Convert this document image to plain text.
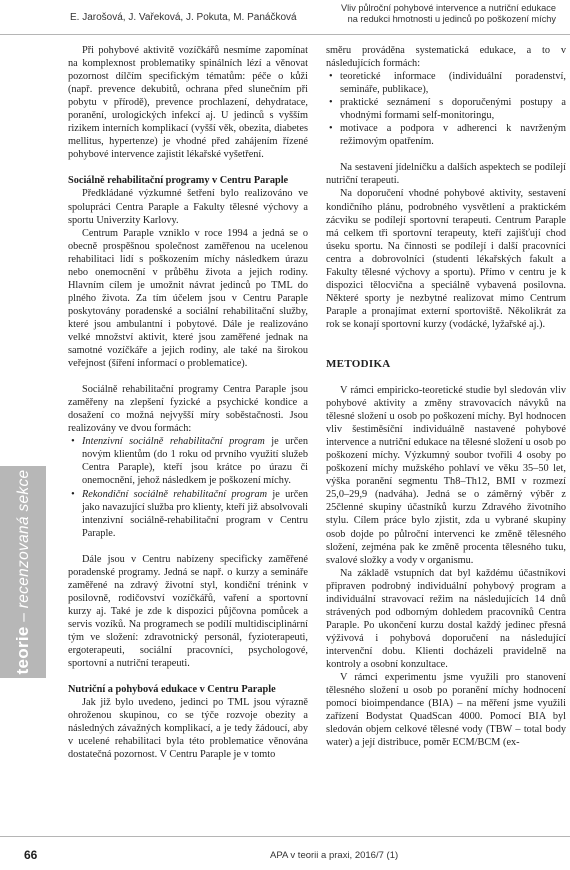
E. Jarošová, J. Vařeková, J. Pokuta, M. Panáčková
Vliv půlroční pohybové intervence a nutriční edukace
na redukci hmotnosti u jedinců po poškození míchy
teorie – recenzovaná sekce

Při pohybové aktivitě vozíčkářů nesmíme zapomínat na komplexnost problematiky spinálních lézí a věnovat pozornost dílčím specifickým tématům: péče o kůži (např. prevence dekubitů, ochrana před slunečním při pobytu v přírodě), prevence prochlazení, dehydratace, poranění, urologických infekcí aj. U jedinců s vyšším rizikem interních komplikací (vyšší věk, obezita, diabetes mellitus, hypertenze) je vhodné před zahájením řízené pohybové intervence zajistit lékařské vyšetření.

Sociálně rehabilitační programy v Centru Paraple

Předkládané výzkumné šetření bylo realizováno ve spolupráci Centra Paraple a Fakulty tělesné výchovy a sportu Univerzity Karlovy.

Centrum Paraple vzniklo v roce 1994 a jedná se o obecně prospěšnou společnost zaměřenou na ucelenou rehabilitaci lidí s poškozením míchy následkem úrazu nebo onemocnění v průběhu života a jejich rodiny. Hlavním cílem je umožnit návrat jedinců po TML do plného života. Za tím účelem jsou v Centru Paraple poskytovány poradenské a sociální rehabilitační služby, které jsou ambulantní i pobytové. Dále je realizováno velké množství aktivit, které jsou zaměřené jednak na samotné vozíčkáře a jejich rodiny, ale také na širokou veřejnost (šíření informací o problematice).

Sociálně rehabilitační programy Centra Paraple jsou zaměřeny na zlepšení fyzické a psychické kondice a dosažení co možná nejvyšší míry soběstačnosti. Jsou realizovány ve dvou formách:

• Intenzivní sociálně rehabilitační program je určen novým klientům (do 1 roku od prvního využití služeb Centra Paraple), kteří jsou krátce po úrazu či onemocnění, jehož následkem je poškození míchy.
• Rekondiční sociálně rehabilitační program je určen jako navazující služba pro klienty, kteří již absolvovali intenzivní sociálně-rehabilitační program v Centru Paraple.

Dále jsou v Centru nabízeny specificky zaměřené poradenské programy. Jedná se např. o kurzy a semináře zaměřené na zdravý životní styl, kondiční trénink v posilovně, rodičovství vozíčkářů, vaření a sportovní kurzy aj. Také je zde k dispozici půjčovna pomůcek a servis vozíků. Na programech se podílí multidisciplinární tým ve složení: zdravotnický personál, fyzioterapeuti, ergoterapeuti, sociální pracovníci, psychologové, sportovní a nutriční terapeuti.

Nutriční a pohybová edukace v Centru Paraple

Jak již bylo uvedeno, jedinci po TML jsou výrazně ohroženou skupinou, co se týče rozvoje obezity a následných závažných komplikací, a je tedy žádoucí, aby v ucelené rehabilitaci byla této problematice věnována dostatečná pozornost. V Centru Paraple je v tomto

směru prováděna systematická edukace, a to v následujících formách:

• teoretické informace (individuální poradenství, semináře, publikace),
• praktické seznámení s doporučenými postupy a vhodnými formami self-monitoringu,
• motivace a podpora v adherenci k navrženým režimovým opatřením.

Na sestavení jídelníčku a dalších aspektech se podílejí nutriční terapeuti.

Na doporučení vhodné pohybové aktivity, sestavení kondičního plánu, podrobného vysvětlení a praktickém zácviku se podílejí sportovní terapeuti. Centrum Paraple má celkem tři sportovní terapeuty, kteří zajišťují chod úseku sportu. Na činnosti se podílejí i další pracovníci centra a dobrovolníci (studenti lékařských fakult a Fakulty tělesné výchovy a sportu). Přímo v centru je k dispozici tělocvična a speciálně vybavená posilovna. Některé sporty je nezbytné realizovat mimo Centrum Paraple a pronajímat externí sportoviště. Několikrát za rok se konají sportovní kurzy (vodácké, lyžařské aj.).

METODIKA

V rámci empiricko-teoretické studie byl sledován vliv pohybové aktivity a změny stravovacích návyků na tělesné složení u osob po poškození míchy. Byl hodnocen vliv šestiměsíční individuálně nastavené pohybové intervence a nutriční edukace na tělesné složení u osob po poškození míchy. Výzkumný soubor tvořili 4 osoby po poškození míchy mužského pohlaví ve věku 35–50 let, výška poranění segmentu Th8–Th12, BMI v rozmezí 25,0–29,9 (nadváha). Jedná se o záměrný výběr z 25členné skupiny účastníků kurzu Zdravého životního stylu. Cílem práce bylo zjistit, zda u vybrané skupiny osob dojde po půlroční intervenci ke změně tělesného složení, zejména pak ke změně procenta tělesného tuku, svalové složky a vody v organismu.

Na základě vstupních dat byl každému účastníkovi připraven podrobný individuální pohybový program a individuální stravovací režim na následujících 14 dnů strávených pod odborným dohledem pracovníků Centra Paraple. Po ukončení kurzu dostal každý jedinec přesná výživová i pohybová doporučení na následující intervenční dobu. Klienti docházeli pravidelně na kontroly a osobní konzultace.

V rámci experimentu jsme využili pro stanovení tělesného složení u osob po poranění míchy hodnocení pomocí bioimpendance (BIA) – na měření jsme využili zařízení Bodystat QuadScan 4000. Pomocí BIA byl sledován objem celkové tělesné vody (TBW – total body water) a její distribuce, poměr ECM/BCM (ex-

66	APA v teorii a praxi, 2016/7 (1)
